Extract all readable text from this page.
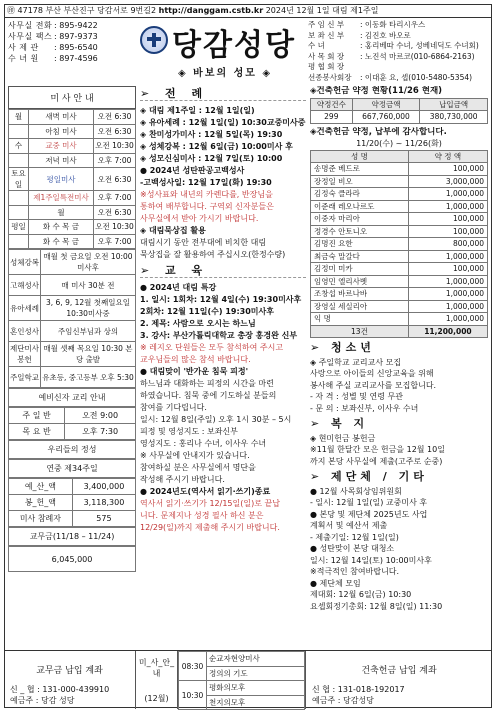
㊞ 47178 부산 부산진구 당감서로 9번길2 http://danggam.cstb.kr 2024년 12월 1일 대림 제1주일
사무실 전화 : 895-9422
사무실 팩스 : 897-9373
사 제 관	: 895-6540
수 녀 원	: 897-4596	당감성당
◈ 바보의 성모 ◈
주 임 신 부	: 이동화 타리시우스
보 좌 신 부	: 김진호 바오로
수 녀	: 홍리베따 수녀, 성베네딕도 수녀회)
사 목 회 장	: 노진석 마르코(010-6864-2163)
평 협 회 장
선종봉사회장	: 이대훈 요, 셉(010-5480-5354)
미 사 안 내
월	새벽 미사	오전 6:30
	아침 미사	오전 6:30
수	교중 미사	오전 10:30
	저녁 미사	오후 7:00
토요일	평일미사	오전 6:30
	제1주일특전미사	오후 7:00
	월	오전 6:30
평일	화 수 목 금	오전 10:30
	화 수 목 금	오후 7:00
성체강복	매월 첫 금요일 오전 10:00 미사후
고해성사	매 미사 30분 전
유아세례	3, 6, 9, 12월 첫째일요일 10:30미사중
혼인성사	주임신부님과 상의
제단미사봉헌	매월 셋째 목요일 10:30 본당 출발
주일학교	유초등, 중고등부 오후 5:30
예비신자 교리 안내
주 일 반	오전 9:00
목 요 반	오후 7:30
우리들의 정성
연중 제34주일
예_산_액	3,400,000
봉_헌_액	3,118,300
미사 참례자	575
교무금(11/18 – 11/24)
6,045,000
➢ 전 례

◈ 대림 제1주일 : 12월 1일(일)

◈ 유아세례 : 12월 1일(일) 10:30교중미사중

◈ 찬미성가미사 : 12월 5일(목) 19:30

◈ 성체강복 : 12월 6일(금) 10:00미사 후

◈ 성모신심미사 : 12월 7일(토) 10:00

● 2024년 성탄판공고백성사

-고백성사일: 12월 17일(화) 19:30

※성사표와 내년의 카렌다를, 반장님을

통하여 배부합니다. 구역외 신자분들은

사무실에서 받아 가시기 바랍니다.

◈ 대림묵상집 활용

대림시기 동안 전부대에 비치한 대림

묵상집을 잘 활용하여 주십시오(한정수량)

➢ 교 육

● 2024년 대림 특강

1. 일시: 1회차: 12월 4일(수) 19:30미사후

2회차: 12월 11일(수) 19:30미사후

2. 제목: 사람으로 오시는 하느님

3. 강사: 부산가톨릭대학교 총장 홍경완 신부

※ 레지오 단원들은 모두 참석하여 주시고

교우님들의 많은 참석 바랍니다.

● 대림맞이 '반가운 침묵 피정'

하느님과 대화하는 피정의 시간을 마련

하였습니다. 침묵 중에 기도하실 분들의

참여를 기다립니다.

일시: 12월 8일(주일) 오후 1시 30분 – 5시

피정 및 영성지도 : 보좌신부

영성지도 : 홍리나 수녀, 이사우 수녀

※ 사무실에 안내지가 있습니다.

참여하실 분은 사무실에서 명단을

작성해 주시기 바랍니다.

● 2024년도(역사서 읽기·쓰기)종료

역사서 읽기·쓰기가 12/15일(일)로 끝납

니다. 문제지나 성경 필사 하신 분은

12/29(일)까지 제출해 주시기 바랍니다.

◈건축헌금 약정 현황(11/26 현재)

약정건수	약정금액	납입금액
299	667,760,000	380,730,000

◈건축헌금 약정, 납부에 감사합니다.

11/20(수) ~ 11/26(화)

성 명	약 정 액
송명준 베드로	100,000
장정일 비오	3,000,000
김정숙 클라라	1,000,000
이준래 레오나르도	1,000,000
이중자 마리아	100,000
정경수 안토니오	100,000
김명진 요한	800,000
최금숙 말갈다	1,000,000
김정미 미카	100,000
임영민 엘리사벳	1,000,000
조창섭 바르나바	1,000,000
장영실 세실리아	1,000,000
익 명	1,000,000
13건	11,200,000
➢ 청소년

◈ 주일학교 교리교사 모집

사랑으로 아이들의 신앙교육을 위해

봉사해 주실 교리교사를 모집합니다.

- 자 격 : 성별 및 연령 무관

- 문 의 : 보좌신부, 이사우 수녀

➢ 복 지

◈ 현미헌금 봉헌금

※11월 한달간 모은 헌금을 12월 10일

까지 본당 사무실에 제출(고주로 순중)

➢ 제단체 / 기타

● 12월 사목회상임위원회

- 일시: 12월 1일(일) 교중미사 후

● 본당 및 제단체 2025년도 사업

계획서 및 예산서 제출

- 제출기일: 12월 1일(일)

● 성탄맞이 본당 대청소

일시: 12월 14일(토) 10:00미사후

※적극적인 참여바랍니다.

● 제단체 모임

제대회: 12월 6일(금) 10:30

요셉회정기총회: 12월 8일(일) 11:30

교무금 납입 계좌
신 _ 협 : 131-000-439910
예금주 : 당감 성당
미_사_안_내
(12월)
08:30	순교자현양미사
	정의의 기도
10:30	평화의모후
	천지의모후
건축헌금 납입 계좌
신 협 : 131-018-192017
예금주 : 당감성당
